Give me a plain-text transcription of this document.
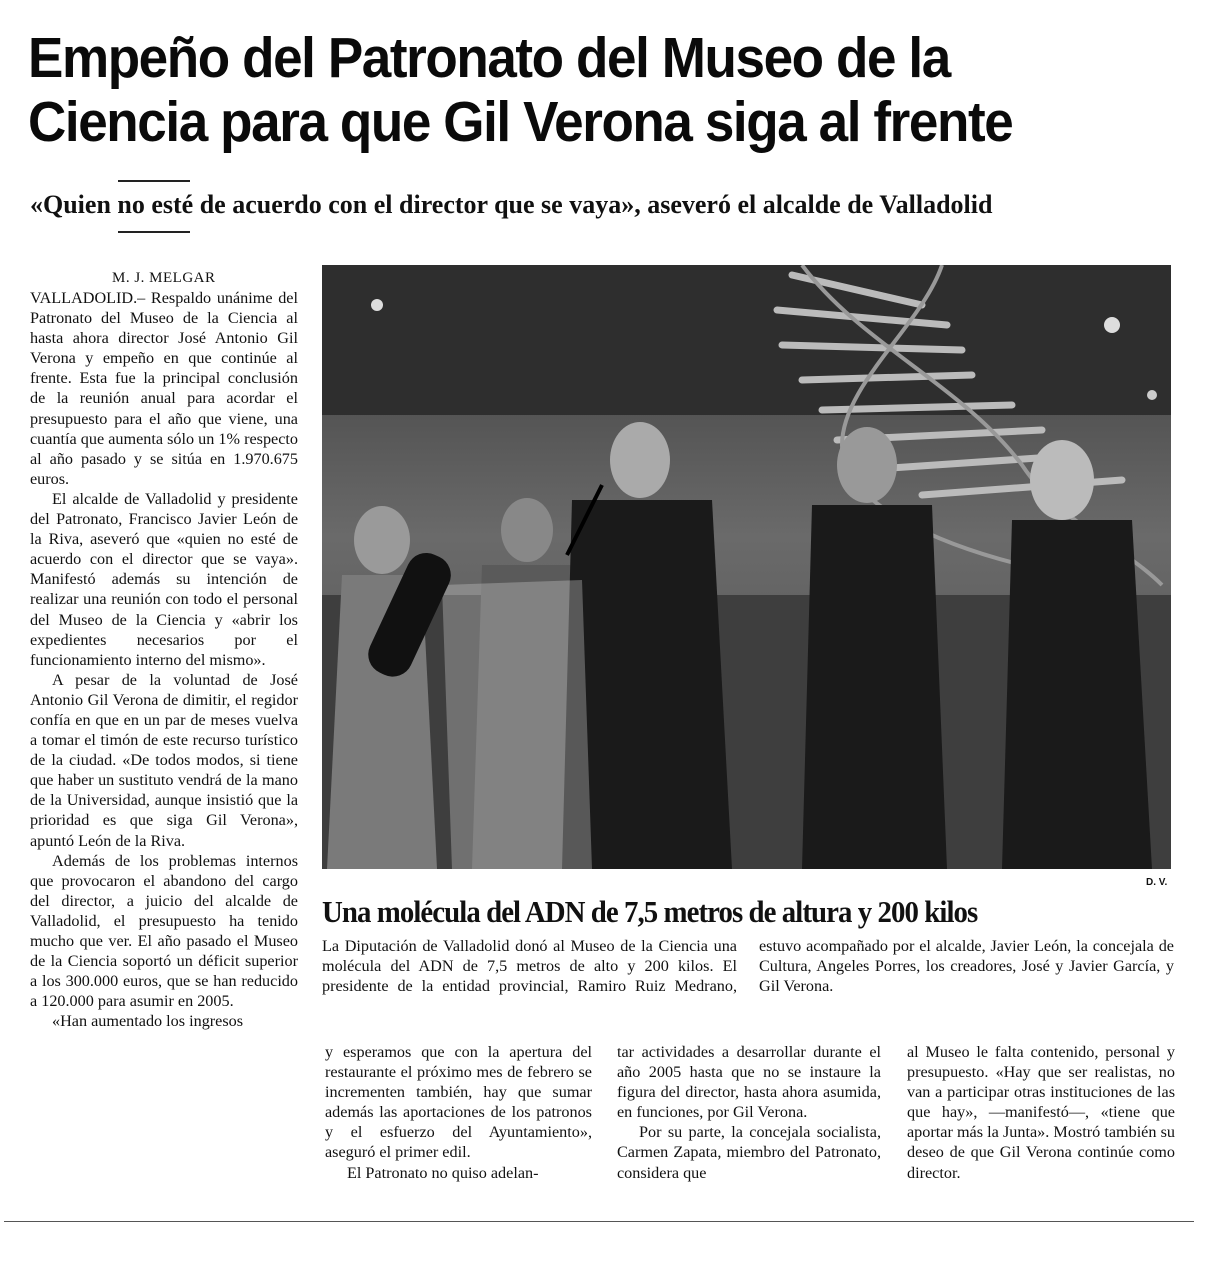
Empeño del Patronato del Museo de la Ciencia para que Gil Verona siga al frente
«Quien no esté de acuerdo con el director que se vaya», aseveró el alcalde de Valladolid
M. J. MELGAR

VALLADOLID.– Respaldo unánime del Patronato del Museo de la Ciencia al hasta ahora director José Antonio Gil Verona y empeño en que continúe al frente. Esta fue la principal conclusión de la reunión anual para acordar el presupuesto para el año que viene, una cuantía que aumenta sólo un 1% respecto al año pasado y se sitúa en 1.970.675 euros.

El alcalde de Valladolid y presidente del Patronato, Francisco Javier León de la Riva, aseveró que «quien no esté de acuerdo con el director que se vaya». Manifestó además su intención de realizar una reunión con todo el personal del Museo de la Ciencia y «abrir los expedientes necesarios por el funcionamiento interno del mismo».

A pesar de la voluntad de José Antonio Gil Verona de dimitir, el regidor confía en que en un par de meses vuelva a tomar el timón de este recurso turístico de la ciudad. «De todos modos, si tiene que haber un sustituto vendrá de la mano de la Universidad, aunque insistió que la prioridad es que siga Gil Verona», apuntó León de la Riva.

Además de los problemas internos que provocaron el abandono del cargo del director, a juicio del alcalde de Valladolid, el presupuesto ha tenido mucho que ver. El año pasado el Museo de la Ciencia soportó un déficit superior a los 300.000 euros, que se han reducido a 120.000 para asumir en 2005.

«Han aumentado los ingresos

D. V.
Una molécula del ADN de 7,5 metros de altura y 200 kilos
La Diputación de Valladolid donó al Museo de la Ciencia una molécula del ADN de 7,5 metros de alto y 200 kilos. El presidente de la entidad provincial, Ramiro Ruiz Medrano, estuvo acompañado por el alcalde, Javier León, la concejala de Cultura, Angeles Porres, los creadores, José y Javier García, y Gil Verona.

y esperamos que con la apertura del restaurante el próximo mes de febrero se incrementen también, hay que sumar además las aportaciones de los patronos y el esfuerzo del Ayuntamiento», aseguró el primer edil.

El Patronato no quiso adelan-

tar actividades a desarrollar durante el año 2005 hasta que no se instaure la figura del director, hasta ahora asumida, en funciones, por Gil Verona.

Por su parte, la concejala socialista, Carmen Zapata, miembro del Patronato, considera que

al Museo le falta contenido, personal y presupuesto. «Hay que ser realistas, no van a participar otras instituciones de las que hay», —manifestó—, «tiene que aportar más la Junta». Mostró también su deseo de que Gil Verona continúe como director.
